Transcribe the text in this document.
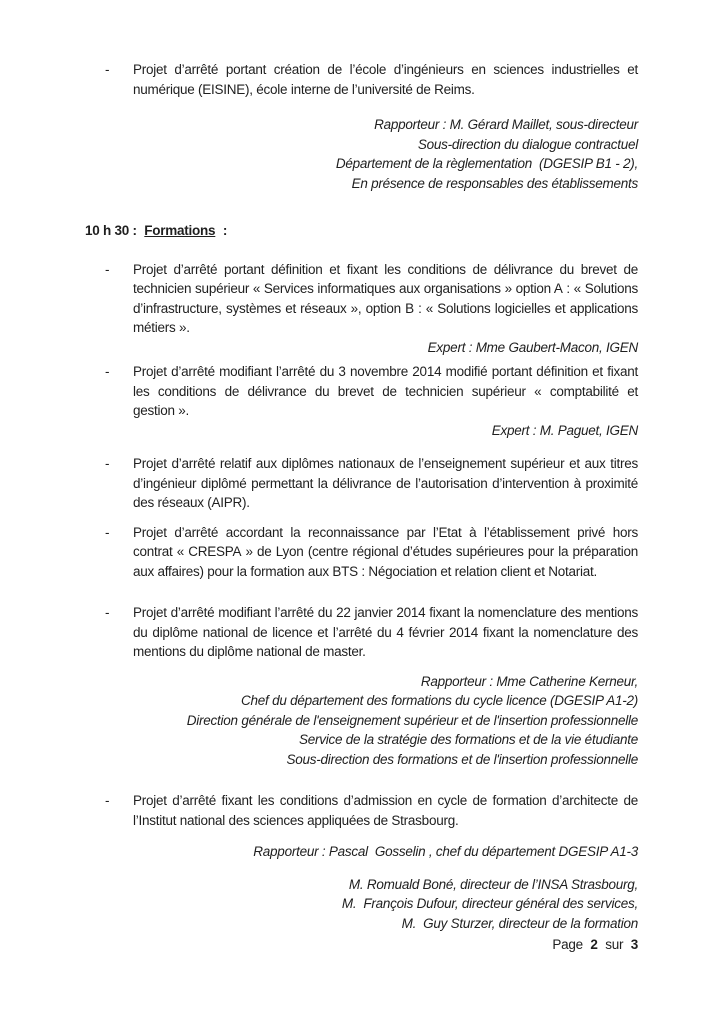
- Projet d’arrêté portant création de l’école d’ingénieurs en sciences industrielles et numérique (EISINE), école interne de l’université de Reims.
Rapporteur : M. Gérard Maillet, sous-directeur
Sous-direction du dialogue contractuel
Département de la règlementation  (DGESIP B1 - 2),
En présence de responsables des établissements
10 h 30 : Formations :
- Projet d’arrêté portant définition et fixant les conditions de délivrance du brevet de technicien supérieur « Services informatiques aux organisations » option A : « Solutions d’infrastructure, systèmes et réseaux », option B : « Solutions logicielles et applications métiers ».
Expert : Mme Gaubert-Macon, IGEN
- Projet d’arrêté modifiant l’arrêté du 3 novembre 2014 modifié portant définition et fixant les conditions de délivrance du brevet de technicien supérieur « comptabilité et gestion ».
Expert : M. Paguet, IGEN
- Projet d’arrêté relatif aux diplômes nationaux de l’enseignement supérieur et aux titres d’ingénieur diplômé permettant la délivrance de l’autorisation d’intervention à proximité des réseaux (AIPR).
- Projet d’arrêté accordant la reconnaissance par l’Etat à l’établissement privé hors contrat « CRESPA » de Lyon (centre régional d’études supérieures pour la préparation aux affaires) pour la formation aux BTS : Négociation et relation client et Notariat.
- Projet d’arrêté modifiant l’arrêté du 22 janvier 2014 fixant la nomenclature des mentions du diplôme national de licence et l’arrêté du 4 février 2014 fixant la nomenclature des mentions du diplôme national de master.
Rapporteur : Mme Catherine Kerneur,
Chef du département des formations du cycle licence (DGESIP A1-2)
Direction générale de l'enseignement supérieur et de l'insertion professionnelle
Service de la stratégie des formations et de la vie étudiante
Sous-direction des formations et de l'insertion professionnelle
- Projet d’arrêté fixant les conditions d’admission en cycle de formation d’architecte de l’Institut national des sciences appliquées de Strasbourg.
Rapporteur : Pascal  Gosselin , chef du département DGESIP A1-3
M. Romuald Boné, directeur de l’INSA Strasbourg,
M.  François Dufour, directeur général des services,
M.  Guy Sturzer, directeur de la formation
Page 2 sur 3
